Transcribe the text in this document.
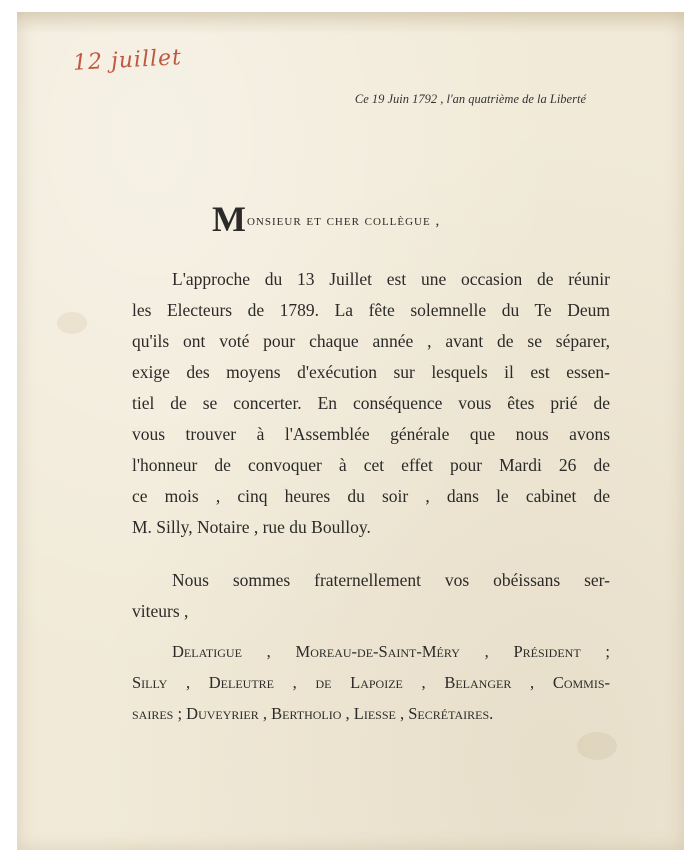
12 juillet
Ce 19 Juin 1792 , l'an quatrième de la Liberté
Monsieur et cher collègue ,
L'approche du 13 Juillet est une occasion de réunir
les Electeurs de 1789. La fête solemnelle du Te Deum
qu'ils ont voté pour chaque année , avant de se séparer,
exige des moyens d'exécution sur lesquels il est essen-
tiel de se concerter. En conséquence vous êtes prié de
vous trouver à l'Assemblée générale que nous avons
l'honneur de convoquer à cet effet pour Mardi 26 de
ce mois , cinq heures du soir , dans le cabinet de
M. Silly, Notaire , rue du Boulloy.
Nous sommes fraternellement vos obéissans ser-
viteurs ,
Delatigue , Moreau-de-Saint-Méry , Président ;
Silly , Deleutre , de Lapoize , Belanger , Commis-
saires ; Duveyrier , Bertholio , Liesse , Secrétaires.
